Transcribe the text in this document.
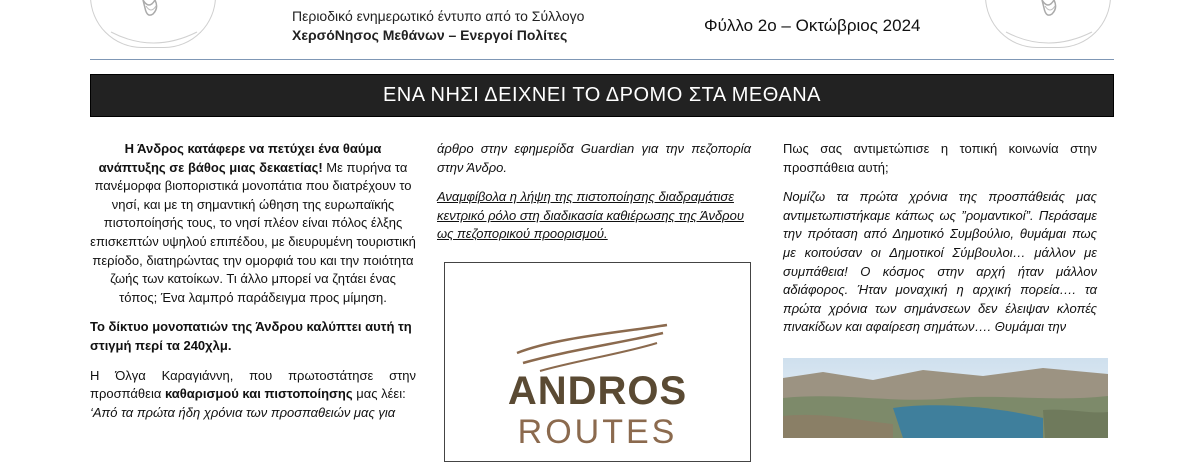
Περιοδικό ενημερωτικό έντυπο από το Σύλλογο
ΧερσόΝησος Μεθάνων – Ενεργοί Πολίτες	Φύλλο 2ο – Οκτώβριος 2024
ΕΝΑ ΝΗΣΙ ΔΕΙΧΝΕΙ ΤΟ ΔΡΟΜΟ ΣΤΑ ΜΕΘΑΝΑ

Η Άνδρος κατάφερε να πετύχει ένα θαύμα ανάπτυξης σε βάθος μιας δεκαετίας! Με πυρήνα τα πανέμορφα βιοποριστικά μονοπάτια που διατρέχουν το νησί, και με τη σημαντική ώθηση της ευρωπαϊκής πιστοποίησής τους, το νησί πλέον είναι πόλος έλξης επισκεπτών υψηλού επιπέδου, με διευρυμένη τουριστική περίοδο, διατηρώντας την ομορφιά του και την ποιότητα ζωής των κατοίκων. Τι άλλο μπορεί να ζητάει ένας τόπος; Ένα λαμπρό παράδειγμα προς μίμηση.

Το δίκτυο μονοπατιών της Άνδρου καλύπτει αυτή τη στιγμή περί τα 240χλμ.

Η Όλγα Καραγιάννη, που πρωτοστάτησε στην προσπάθεια καθαρισμού και πιστοποίησης μας λέει:
‘Από τα πρώτα ήδη χρόνια των προσπαθειών μας για

άρθρο στην εφημερίδα Guardian για την πεζοπορία στην Άνδρο.

Αναμφίβολα η λήψη της πιστοποίησης διαδραμάτισε κεντρικό ρόλο στη διαδικασία καθιέρωσης της Άνδρου ως πεζοπορικού προορισμού.

ANDROS
ROUTES

Πως σας αντιμετώπισε η τοπική κοινωνία στην προσπάθεια αυτή;

Νομίζω τα πρώτα χρόνια της προσπάθειάς μας αντιμετωπιστήκαμε κάπως ως ”ρομαντικοί”. Περάσαμε την πρόταση από Δημοτικό Συμβούλιο, θυμάμαι πως με κοιτούσαν οι Δημοτικοί Σύμβουλοι… μάλλον με συμπάθεια! Ο κόσμος στην αρχή ήταν μάλλον αδιάφορος. Ήταν μοναχική η αρχική πορεία…. τα πρώτα χρόνια των σημάνσεων δεν έλειψαν κλοπές πινακίδων και αφαίρεση σημάτων…. Θυμάμαι την
